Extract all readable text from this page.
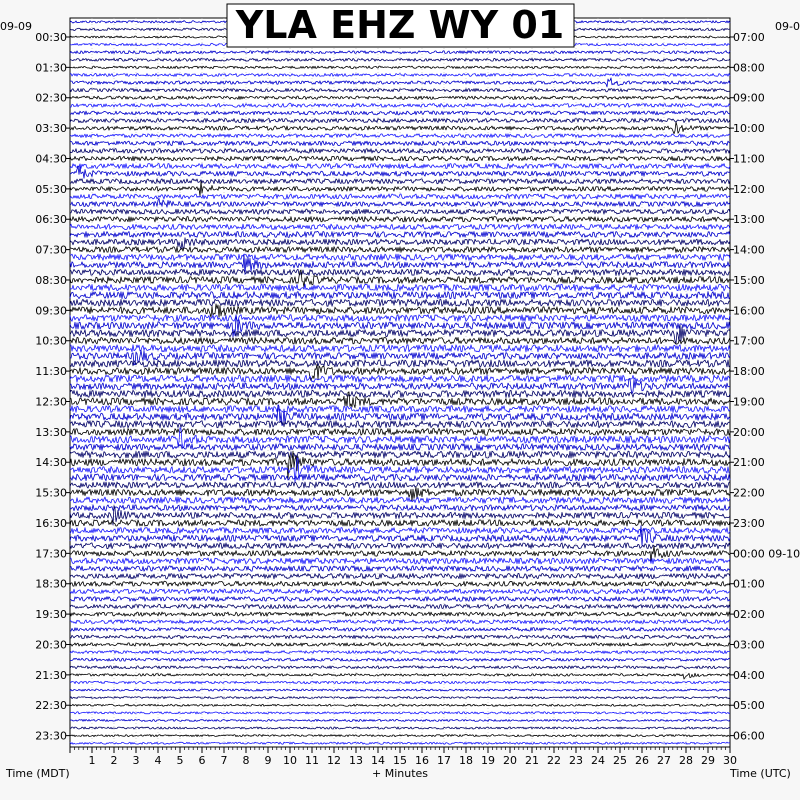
1 2 3 4 5 6 7 8 9 10 11 12 13 14 15 16 17 18 19 20 21 22 23 24 25 26 27 28 29 30
00:30
01:30
02:30
03:30
04:30
05:30
06:30
07:30
08:30
09:30
10:30
11:30
12:30
13:30
14:30
15:30
16:30
17:30
18:30
19:30
20:30
21:30
22:30
23:30
07:00
08:00
09:00
10:00
11:00
12:00
13:00
14:00
15:00
16:00
17:00
18:00
19:00
20:00
21:00
22:00
23:00
00:00 09-10
01:00
02:00
03:00
04:00
05:00
06:00
YLA EHZ WY 01
09-09	09-0
Time (MDT)	+ Minutes	Time (UTC)
